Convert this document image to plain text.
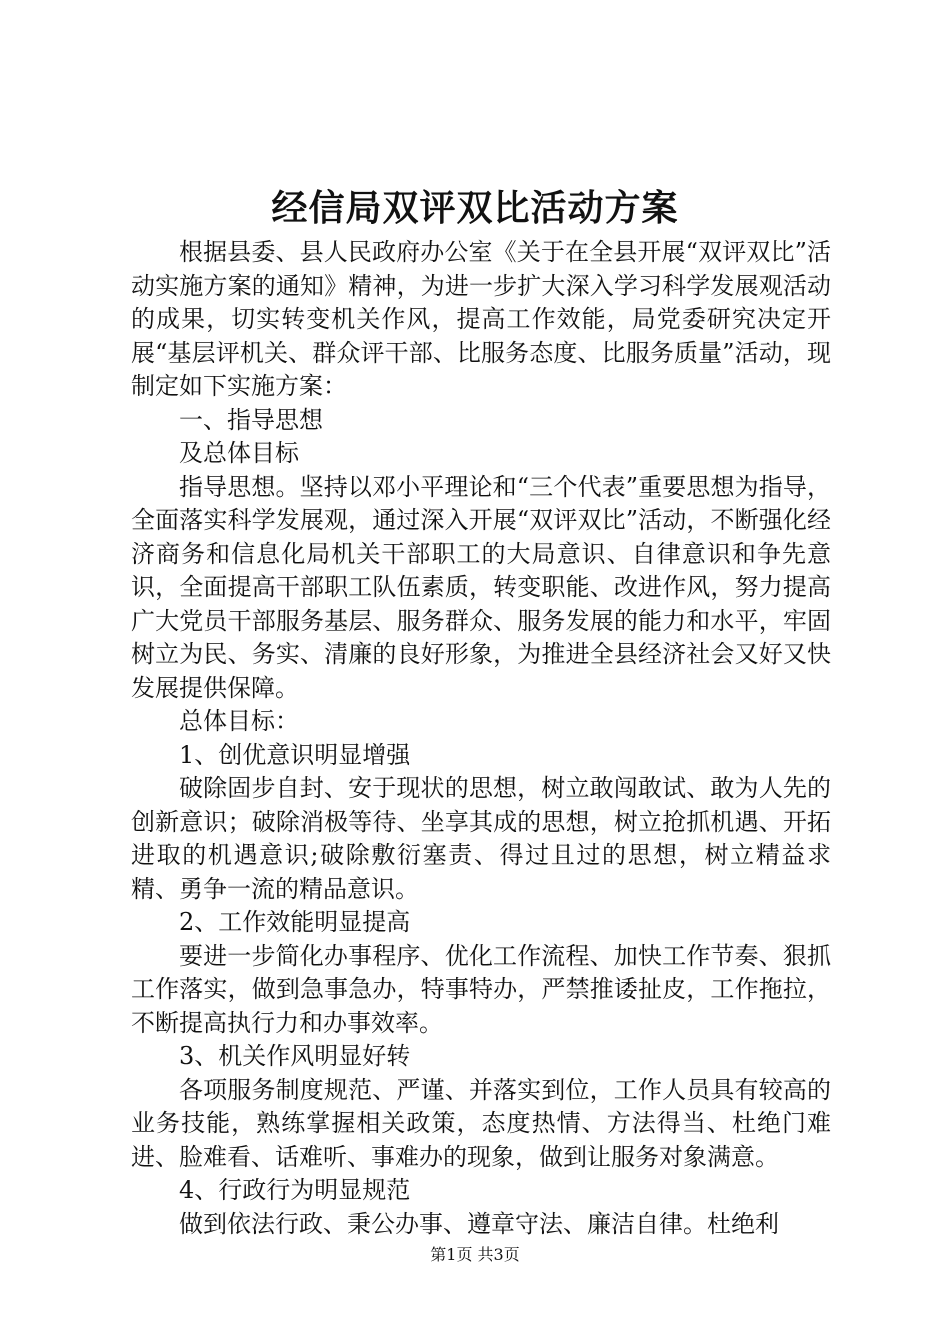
经信局双评双比活动方案

根据县委、县人民政府办公室《关于在全县开展“双评双比”活动实施方案的通知》精神，为进一步扩大深入学习科学发展观活动的成果，切实转变机关作风，提高工作效能，局党委研究决定开展“基层评机关、群众评干部、比服务态度、比服务质量”活动，现制定如下实施方案：

一、指导思想

及总体目标

指导思想。坚持以邓小平理论和“三个代表”重要思想为指导，全面落实科学发展观，通过深入开展“双评双比”活动，不断强化经济商务和信息化局机关干部职工的大局意识、自律意识和争先意识，全面提高干部职工队伍素质，转变职能、改进作风，努力提高广大党员干部服务基层、服务群众、服务发展的能力和水平，牢固树立为民、务实、清廉的良好形象，为推进全县经济社会又好又快发展提供保障。

总体目标：

1、创优意识明显增强

破除固步自封、安于现状的思想，树立敢闯敢试、敢为人先的创新意识；破除消极等待、坐享其成的思想，树立抢抓机遇、开拓进取的机遇意识;破除敷衍塞责、得过且过的思想，树立精益求精、勇争一流的精品意识。

2、工作效能明显提高

要进一步简化办事程序、优化工作流程、加快工作节奏、狠抓工作落实，做到急事急办，特事特办，严禁推诿扯皮，工作拖拉，不断提高执行力和办事效率。

3、机关作风明显好转

各项服务制度规范、严谨、并落实到位，工作人员具有较高的业务技能，熟练掌握相关政策，态度热情、方法得当、杜绝门难进、脸难看、话难听、事难办的现象，做到让服务对象满意。

4、行政行为明显规范

做到依法行政、秉公办事、遵章守法、廉洁自律。杜绝利

第1页 共3页
